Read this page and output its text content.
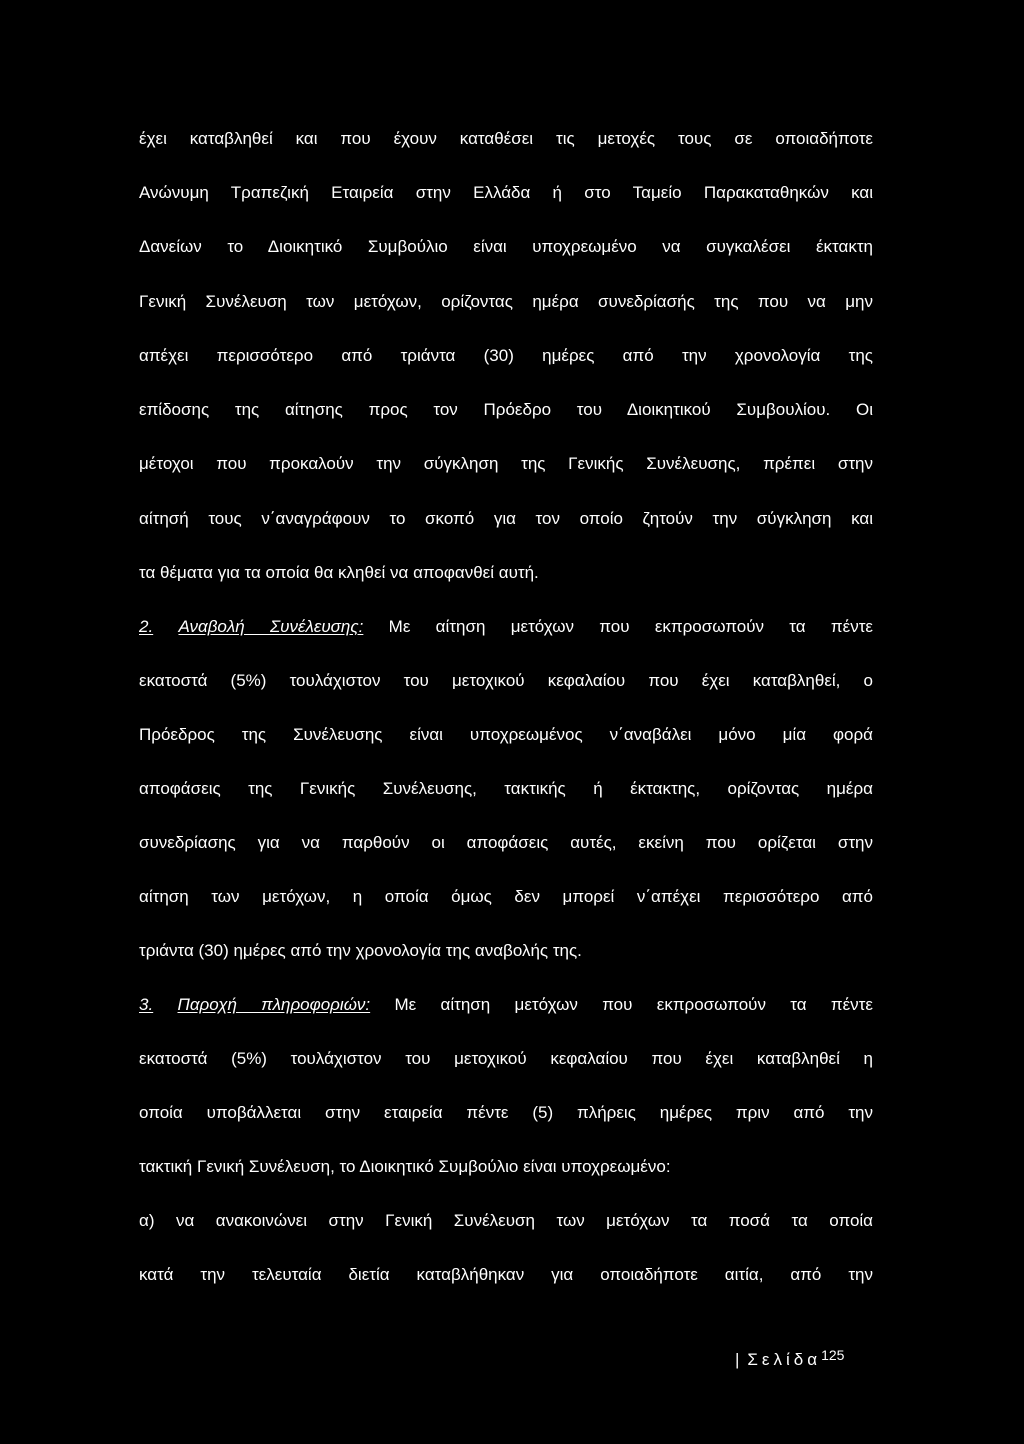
έχει καταβληθεί και που έχουν καταθέσει τις μετοχές τους σε οποιαδήποτε
Ανώνυμη Τραπεζική Εταιρεία στην Ελλάδα ή στο Ταμείο Παρακαταθηκών και
Δανείων το Διοικητικό Συμβούλιο είναι υποχρεωμένο να συγκαλέσει έκτακτη
Γενική Συνέλευση των μετόχων, ορίζοντας ημέρα συνεδρίασής της που να μην
απέχει περισσότερο από τριάντα (30) ημέρες από την χρονολογία της
επίδοσης της αίτησης προς τον Πρόεδρο του Διοικητικού Συμβουλίου. Οι
μέτοχοι που προκαλούν την σύγκληση της Γενικής Συνέλευσης, πρέπει στην
αίτησή τους ν΄αναγράφουν το σκοπό για τον οποίο ζητούν την σύγκληση και
τα θέματα για τα οποία θα κληθεί να αποφανθεί αυτή.
2. Αναβολή Συνέλευσης: Με αίτηση μετόχων που εκπροσωπούν τα πέντε
εκατοστά (5%) τουλάχιστον του μετοχικού κεφαλαίου που έχει καταβληθεί, ο
Πρόεδρος της Συνέλευσης είναι υποχρεωμένος ν΄αναβάλει μόνο μία φορά
αποφάσεις της Γενικής Συνέλευσης, τακτικής ή έκτακτης, ορίζοντας ημέρα
συνεδρίασης για να παρθούν οι αποφάσεις αυτές, εκείνη που ορίζεται στην
αίτηση των μετόχων, η οποία όμως δεν μπορεί ν΄απέχει περισσότερο από
τριάντα (30) ημέρες από την χρονολογία της αναβολής της.
3. Παροχή πληροφοριών: Με αίτηση μετόχων που εκπροσωπούν τα πέντε
εκατοστά (5%) τουλάχιστον του μετοχικού κεφαλαίου που έχει καταβληθεί η
οποία υποβάλλεται στην εταιρεία πέντε (5) πλήρεις ημέρες πριν από την
τακτική Γενική Συνέλευση, το Διοικητικό Συμβούλιο είναι υποχρεωμένο:
α) να ανακοινώνει στην Γενική Συνέλευση των μετόχων τα ποσά τα οποία
κατά την τελευταία διετία καταβλήθηκαν για οποιαδήποτε αιτία, από την
| Σελίδα$^{125}$
